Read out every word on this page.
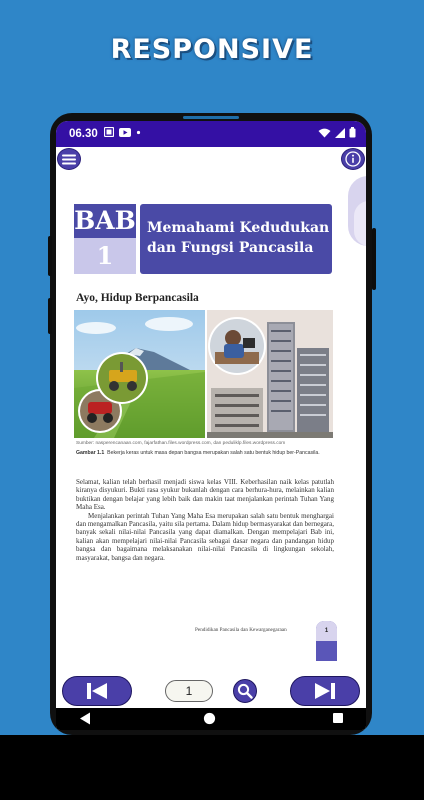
RESPONSIVE
06.30
BAB
1
Memahami Kedudukan
dan Fungsi Pancasila
Ayo, Hidup Berpancasila
Sumber: nasperencanaan.com, fajarfathan.files.wordpress.com, dan peduliklp.files.wordpress.com
Gambar 1.1 Bekerja keras untuk masa depan bangsa merupakan salah satu bentuk hidup ber-Pancasila.

Selamat, kalian telah berhasil menjadi siswa kelas VIII. Keberhasilan naik kelas patutlah kiranya disyukuri. Bukti rasa syukur bukanlah dengan cara berhura-hura, melainkan kalian buktikan dengan belajar yang lebih baik dan makin taat menjalankan perintah Tuhan Yang Maha Esa.

Menjalankan perintah Tuhan Yang Maha Esa merupakan salah satu bentuk menghargai dan mengamalkan Pancasila, yaitu sila pertama. Dalam hidup bermasyarakat dan bernegara, banyak sekali nilai-nilai Pancasila yang dapat diamalkan. Dengan mempelajari Bab ini, kalian akan mempelajari nilai-nilai Pancasila sebagai dasar negara dan pandangan hidup bangsa dan bagaimana melaksanakan nilai-nilai Pancasila di lingkungan sekolah, masyarakat, bangsa dan negara.

Pendidikan Pancasila dan Kewarganegaraan	1
1
